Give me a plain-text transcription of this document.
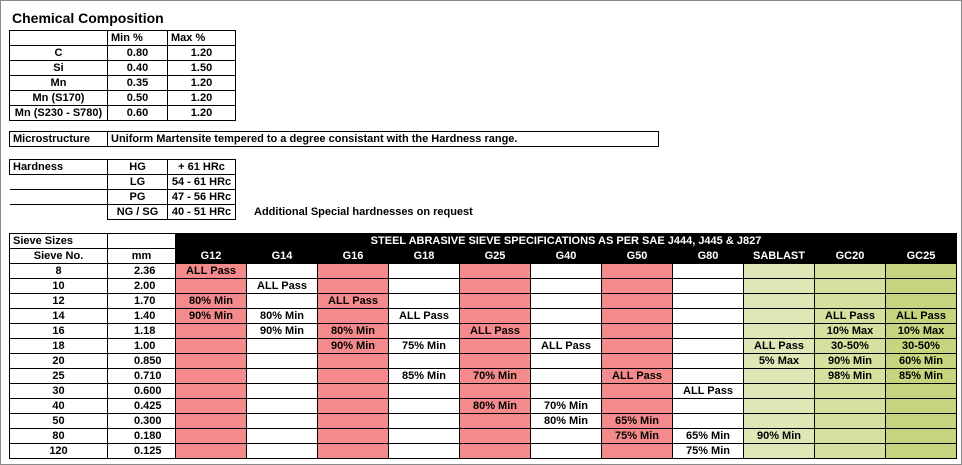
Chemical Composition
	Min %	Max %
C	0.80	1.20
Si	0.40	1.50
Mn	0.35	1.20
Mn (S170)	0.50	1.20
Mn (S230 - S780)	0.60	1.20
Microstructure	Uniform Martensite tempered to a degree consistant with the Hardness range.
Hardness	HG	+ 61 HRc
	LG	54 - 61 HRc
	PG	47 - 56 HRc
	NG / SG	40 - 51 HRc Additional Special hardnesses on request
Sieve Sizes		STEEL ABRASIVE SIEVE SPECIFICATIONS AS PER SAE J444, J445 & J827										
Sieve No.	mm	G12	G14	G16	G18	G25	G40	G50	G80	SABLAST	GC20	GC25
8	2.36	ALL Pass										
10	2.00		ALL Pass									
12	1.70	80% Min		ALL Pass								
14	1.40	90% Min	80% Min		ALL Pass						ALL Pass	ALL Pass
16	1.18		90% Min	80% Min		ALL Pass					10% Max	10% Max
18	1.00			90% Min	75% Min		ALL Pass			ALL Pass	30-50%	30-50%
20	0.850									5% Max	90% Min	60% Min
25	0.710				85% Min	70% Min		ALL Pass			98% Min	85% Min
30	0.600								ALL Pass			
40	0.425					80% Min	70% Min					
50	0.300						80% Min	65% Min				
80	0.180							75% Min	65% Min	90% Min		
120	0.125								75% Min			
